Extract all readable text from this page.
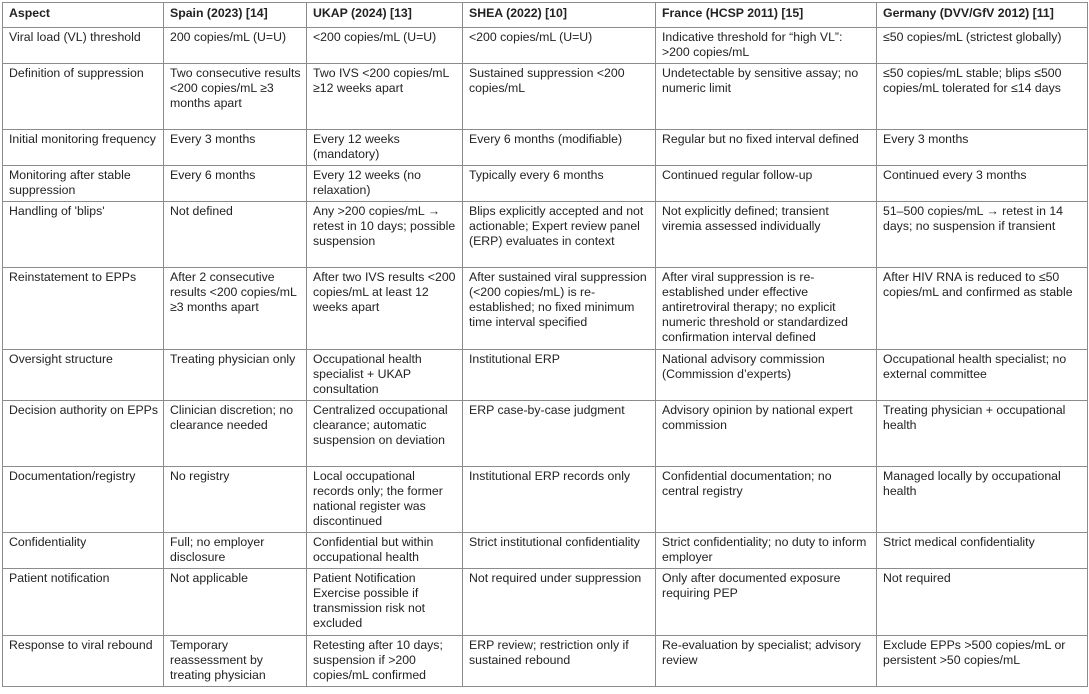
Aspect	Spain (2023) [14]	UKAP (2024) [13]	SHEA (2022) [10]	France (HCSP 2011) [15]	Germany (DVV/GfV 2012) [11]
Viral load (VL) threshold	200 copies/mL (U=U)	<200 copies/mL (U=U)	<200 copies/mL (U=U)	Indicative threshold for “high VL”: >200 copies/mL	≤50 copies/mL (strictest globally)
Definition of suppression	Two consecutive results <200 copies/mL ≥3 months apart	Two IVS <200 copies/mL ≥12 weeks apart	Sustained suppression <200 copies/mL	Undetectable by sensitive assay; no numeric limit	≤50 copies/mL stable; blips ≤500 copies/mL tolerated for ≤14 days
Initial monitoring frequency	Every 3 months	Every 12 weeks (mandatory)	Every 6 months (modifiable)	Regular but no fixed interval defined	Every 3 months
Monitoring after stable suppression	Every 6 months	Every 12 weeks (no relaxation)	Typically every 6 months	Continued regular follow-up	Continued every 3 months
Handling of 'blips'	Not defined	Any >200 copies/mL → retest in 10 days; possible suspension	Blips explicitly accepted and not actionable; Expert review panel (ERP) evaluates in context	Not explicitly defined; transient viremia assessed individually	51–500 copies/mL → retest in 14 days; no suspension if transient
Reinstatement to EPPs	After 2 consecutive results <200 copies/mL ≥3 months apart	After two IVS results <200 copies/mL at least 12 weeks apart	After sustained viral suppression (<200 copies/mL) is re-established; no fixed minimum time interval specified	After viral suppression is re-established under effective antiretroviral therapy; no explicit numeric threshold or standardized confirmation interval defined	After HIV RNA is reduced to ≤50 copies/mL and confirmed as stable
Oversight structure	Treating physician only	Occupational health specialist + UKAP consultation	Institutional ERP	National advisory commission (Commission d’experts)	Occupational health specialist; no external committee
Decision authority on EPPs	Clinician discretion; no clearance needed	Centralized occupational clearance; automatic suspension on deviation	ERP case-by-case judgment	Advisory opinion by national expert commission	Treating physician + occupational health
Documentation/registry	No registry	Local occupational records only; the former national register was discontinued	Institutional ERP records only	Confidential documentation; no central registry	Managed locally by occupational health
Confidentiality	Full; no employer disclosure	Confidential but within occupational health	Strict institutional confidentiality	Strict confidentiality; no duty to inform employer	Strict medical confidentiality
Patient notification	Not applicable	Patient Notification Exercise possible if transmission risk not excluded	Not required under suppression	Only after documented exposure requiring PEP	Not required
Response to viral rebound	Temporary reassessment by treating physician	Retesting after 10 days; suspension if >200 copies/mL confirmed	ERP review; restriction only if sustained rebound	Re-evaluation by specialist; advisory review	Exclude EPPs >500 copies/mL or persistent >50 copies/mL
